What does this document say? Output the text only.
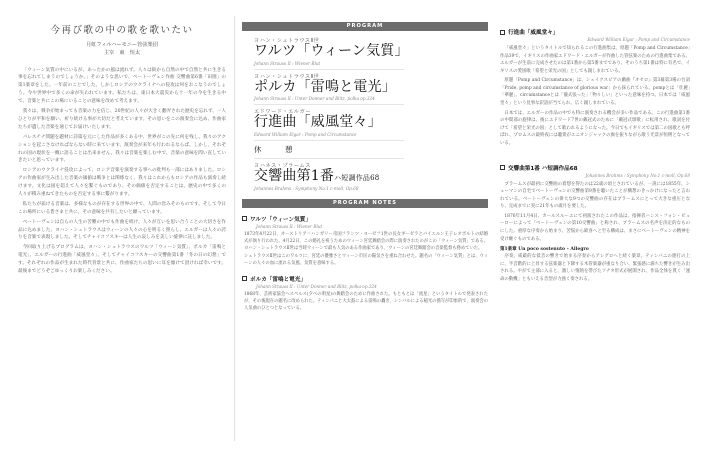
今再び歌の中の歌を歌いたい
月虹フィルハーモニー管弦楽団
主宰　東　恒太

「ウィーン気質の中にいるが、あったかの風は流れず。人々は街から自然の中で自然と共に生きる事を忘れてしまうのでしょうか。」そのような思いで、ベートーヴェン作曲 交響曲第6番「田園」の第1楽章をした。一年前のことでした。しかしロシアのウクライナへの侵攻は何をおこなうのでしょう。今や世界中で多くの命が失われています。私たちは、東日本大震災から十一年の今を生きる中で、音楽と共にこの場にいることの意味を改めて考えます。

我々は、戦争が始まっても音楽の力を信じ、20世紀の人々が大きく翻弄された歴史を忘れず、一人ひとりが平和を願い、祈り続ける事が大切だと考えています。その思いをこの演奏会に込め、作曲家たちが遺した音楽を通じてお届けいたします。

パレスチナ問題を題材に詩篇を元にした作品が多くある中、世界がこの先に何を残し、我々のアクションを起こさなければならない時に来ています。演奏会が来年も行われるならば、しかし、それぞれの国の現状を一概に語ることは出来ません。我々は音楽を楽しむ中で、音楽の意味を問い直していきたいと思っています。

ロシアのウクライナ侵攻によって、ロシア音楽を演奏する事への批判も一部にはありました。ロシアの作曲家が生み出した音楽の価値は戦争とは関係なく、我々はこれからもロシアの作品も演奏し続けます。文化は国を超えて人々を繋ぐものであり、その価値を否定することは、歴史の中で多くの人々が積み重ねてきたものを否定する事に繋がります。

私たちが届ける音楽は、多様なものが存在する世界の中で、人間の営みそのものです。そして今日この場所にいる皆さまと共に、その意味を共有したいと願っています。

ベートーヴェンは自らの人生の苦難の中でも作曲を続け、人々が互いを思い合うことの大切さを作品に込めました。ヨハン・シュトラウスはウィーンの人々の心を明るく照らし、エルガーは人々の誇りを音楽で表現しました。そしてチャイコフスキーは人生の哀しみを美しい旋律に託しました。

今回取り上げるプログラムは、ヨハン・シュトラウスのワルツ「ウィーン気質」、ポルカ「雷鳴と電光」、エルガーの行進曲「威風堂々」、そしてチャイコフスキーの交響曲第1番「冬の日の幻想」です。それぞれの作品が生まれた時代背景と共に、作曲家たちの思いに耳を傾けて頂ければ幸いです。最後までどうぞごゆっくりお楽しみください。

PROGRAM
ヨハン・シュトラウスⅡ世
ワルツ「ウィーン気質」
Johann Strauss II : Wiener Blut
ヨハン・シュトラウスⅡ世
ポルカ「雷鳴と電光」
Johann Strauss II : Unter Donner und Blitz, polka op.324
エドワード・エルガー
行進曲「威風堂々」
Edward William Elgar : Pomp and Circumstance
休　憩
ヨハネス・ブラームス
交響曲第1番ハ短調作品68
Johannes Brahms : Symphony No.1 c-moll, Op.68
PROGRAM NOTES
ワルツ「ウィーン気質」
Johann Strauss II : Wiener Blut

1873年4月22日、オーストリア＝ハンガリー帝国フランツ・ヨーゼフ1世の長女ギーゼラとバイエルン王子レオポルトの結婚式が執り行われた。4月22日、この婚礼を祝うためのウィーン宮廷舞踏会の際に演奏されたのがこの「ウィーン気質」である。ヨハン・シュトラウスⅡ世は当時ウィーンで最も人気のある作曲家であり、ウィーンの宮廷舞踏会の音楽監督も務めていた。

シュトラウスⅡ世はこのワルツに、宮廷の優雅さとウィーン市民の陽気さを重ね合わせた。題名の「ウィーン気質」とは、ウィーンの人々の血に流れる気風、気質を意味する。

ポルカ「雷鳴と電光」
Johann Strauss II : Unter Donner und Blitz, polka op.324

1868年、芸術家協会ヘスペルス(夕べの明星)の舞踏会のために作曲された。もともとは「流星」というタイトルで発表されたが、その後現在の題名に改められた。ティンパニと大太鼓による雷鳴の轟き、シンバルによる稲光の描写が印象的で、演奏会の人気曲のひとつとなっている。

行進曲「威風堂々」
Edward William Elgar : Pomp and Circumstance

「威風堂々」というタイトルで知られるこの行進曲集は、原題「Pomp and Circumstance」作品39で、イギリスの作曲家エドワード・エルガーが作曲した管弦楽のための行進曲集である。エルガーが生前に完成させたのは第1番から第5番までであり、そのうち第1番は特に有名で、イギリスの愛国歌「希望と栄光の国」としても親しまれている。

原題「Pomp and Circumstance」は、シェイクスピアの戯曲『オセロ』第3幕第3場の台詞「Pride, pomp and circumstance of glorious war」から採られている。pompとは「壮麗」「華麗」、circumstanceとは「儀式張った」「物々しい」といった意味を持つ。日本では「威風堂々」という見事な訳語が当てられ、広く親しまれている。

日本では、エルガーの作品の中でも特に演奏される機会が多い作品である。この行進曲第1番の中間部の旋律は、後にエドワード7世の戴冠式のために「戴冠式頌歌」に転用され、歌詞を付けて「希望と栄光の国」として歌われるようになった。今日でもイギリスでは第二の国歌とも呼ばれ、プロムスの最終夜には聴衆がユニオンジャックの旗を振りながら歌う光景が恒例となっている。

交響曲第1番 ハ短調作品68
Johannes Brahms : Symphony No.1 c-moll, Op.68

ブラームスが最初に交響曲の着想を得たのは22歳の頃とされているが、一説には1855年、シューマンの自宅でベートーヴェンの交響曲第9番を聴いたことが構想のきっかけになったと言われている。ベートーヴェンの偉大な9つの交響曲の存在はブラームスにとって大きな重圧となり、完成までに実に21年もの歳月を要した。

1876年11月4日、カールスルーエにて初演されたこの作品は、指揮者ハンス・フォン・ビューローによって「ベートーヴェンの第10交響曲」と称され、ブラームスの名声を決定的なものにした。重厚な序奏から始まり、苦悩から歓喜へと至る構成は、まさにベートーヴェンの精神を受け継ぐものである。

第1楽章 Un poco sostenuto – Allegro

序奏、威厳的な低音の響きで始まる序奏からアレグロへと続く楽章。ティンパニの連打の上に、半音階的に上昇する弦楽器と下降する木管楽器が重なり合い、緊張感に満ちた響きが生み出される。やがて主部に入ると、激しい情熱を帯びたソナタ形式が展開され、作品全体を貫く「運命の動機」ともいえる音型が力強く奏される。
